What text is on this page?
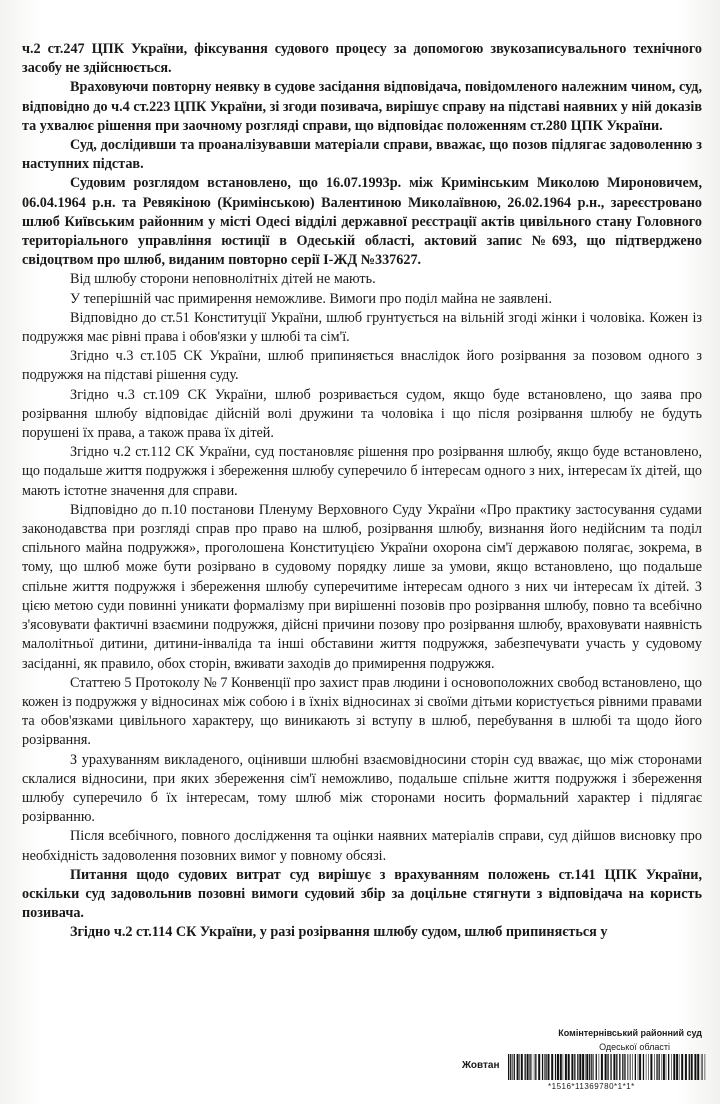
ч.2 ст.247 ЦПК України, фіксування судового процесу за допомогою звукозаписувального технічного засобу не здійснюється.

Враховуючи повторну неявку в судове засідання відповідача, повідомленого належним чином, суд, відповідно до ч.4 ст.223 ЦПК України, зі згоди позивача, вирішує справу на підставі наявних у ній доказів та ухвалює рішення при заочному розгляді справи, що відповідає положенням ст.280 ЦПК України.

Суд, дослідивши та проаналізувавши матеріали справи, вважає, що позов підлягає задоволенню з наступних підстав.

Судовим розглядом встановлено, що 16.07.1993р. між Кримінським Миколою Мироновичем, 06.04.1964 р.н. та Ревякіною (Кримінською) Валентиною Миколаївною, 26.02.1964 р.н., зареєстровано шлюб Київським районним у місті Одесі відділі державної реєстрації актів цивільного стану Головного територіального управління юстиції в Одеській області, актовий запис №693, що підтверджено свідоцтвом про шлюб, виданим повторно серії І-ЖД №337627.

Від шлюбу сторони неповнолітніх дітей не мають.

У теперішній час примирення неможливе. Вимоги про поділ майна не заявлені.

Відповідно до ст.51 Конституції України, шлюб грунтується на вільній згоді жінки і чоловіка. Кожен із подружжя має рівні права і обов'язки у шлюбі та сім'ї.

Згідно ч.3 ст.105 СК України, шлюб припиняється внаслідок його розірвання за позовом одного з подружжя на підставі рішення суду.

Згідно ч.3 ст.109 СК України, шлюб розривається судом, якщо буде встановлено, що заява про розірвання шлюбу відповідає дійсній волі дружини та чоловіка і що після розірвання шлюбу не будуть порушені їх права, а також права їх дітей.

Згідно ч.2 ст.112 СК України, суд постановляє рішення про розірвання шлюбу, якщо буде встановлено, що подальше життя подружжя і збереження шлюбу суперечило б інтересам одного з них, інтересам їх дітей, що мають істотне значення для справи.

Відповідно до п.10 постанови Пленуму Верховного Суду України «Про практику застосування судами законодавства при розгляді справ про право на шлюб, розірвання шлюбу, визнання його недійсним та поділ спільного майна подружжя», проголошена Конституцією України охорона сім'ї державою полягає, зокрема, в тому, що шлюб може бути розірвано в судовому порядку лише за умови, якщо встановлено, що подальше спільне життя подружжя і збереження шлюбу суперечитиме інтересам одного з них чи інтересам їх дітей. З цією метою суди повинні уникати формалізму при вирішенні позовів про розірвання шлюбу, повно та всебічно з'ясовувати фактичні взаємини подружжя, дійсні причини позову про розірвання шлюбу, враховувати наявність малолітньої дитини, дитини-інваліда та інші обставини життя подружжя, забезпечувати участь у судовому засіданні, як правило, обох сторін, вживати заходів до примирення подружжя.

Статтею 5 Протоколу № 7 Конвенції про захист прав людини і основоположних свобод встановлено, що кожен із подружжя у відносинах між собою і в їхніх відносинах зі своїми дітьми користується рівними правами та обов'язками цивільного характеру, що виникають зі вступу в шлюб, перебування в шлюбі та щодо його розірвання.

З урахуванням викладеного, оцінивши шлюбні взаємовідносини сторін суд вважає, що між сторонами склалися відносини, при яких збереження сім'ї неможливо, подальше спільне життя подружжя і збереження шлюбу суперечило б їх інтересам, тому шлюб між сторонами носить формальний характер і підлягає розірванню.

Після всебічного, повного дослідження та оцінки наявних матеріалів справи, суд дійшов висновку про необхідність задоволення позовних вимог у повному обсязі.

Питання щодо судових витрат суд вирішує з врахуванням положень ст.141 ЦПК України, оскільки суд задовольнив позовні вимоги судовий збір за доцільне стягнути з відповідача на користь позивача.

Згідно ч.2 ст.114 СК України, у разі розірвання шлюбу судом, шлюб припиняється у

Комінтернівський районний суд
Одеської області
Жовтан
*1516*11369780*1*1*
